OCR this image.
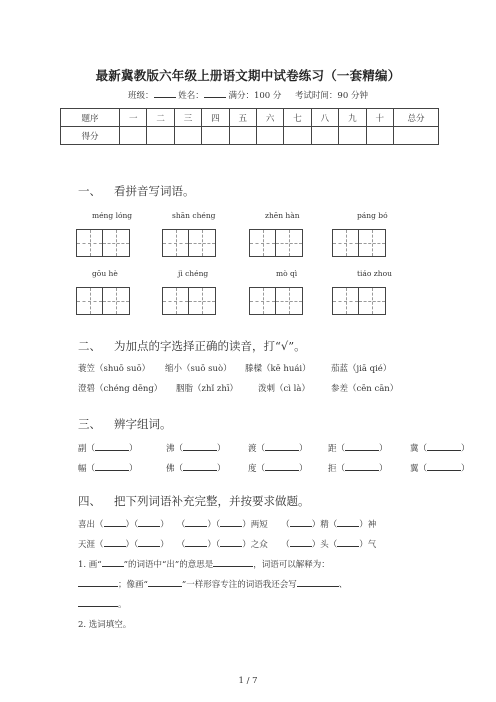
最新冀教版六年级上册语文期中试卷练习（一套精编）
班级：	姓名：	满分：100 分 考试时间：90 分钟
题序	一	二	三	四	五	六	七	八	九	十	总分
得分											
一、 看拼音写词语。
méng lóng	shān chéng	zhēn hàn	páng bó
gōu hè	jì chéng	mò qì	tiáo zhou
二、 为加点的字选择正确的读音，打“√”。
蓑笠（shuō suō） 缩小（suō suò） 滕樑（kē huái） 茄蓝（jiā qié）
澄碧（chéng dēng） 胭脂（zhǐ zhī） 泼刺（cì là） 参差（cēn cān）
三、 辨字组词。
副（	）	沸（	）	渡（	） 距（	）	冀（	）
幅（	）	佛（	）	度（	） 拒（	）	翼（	）
四、 把下列词语补充完整，并按要求做题。
喜出（	）（	） （	）（	）两短 （	）精（	）神
天涯（	）（	） （	）（	）之众 （	）头（	）气
1. 画“	”的词语中“出”的意思是	，词语可以解释为：
；像画“	”一样形容专注的词语我还会写	、
。
2. 选词填空。
1 / 7
